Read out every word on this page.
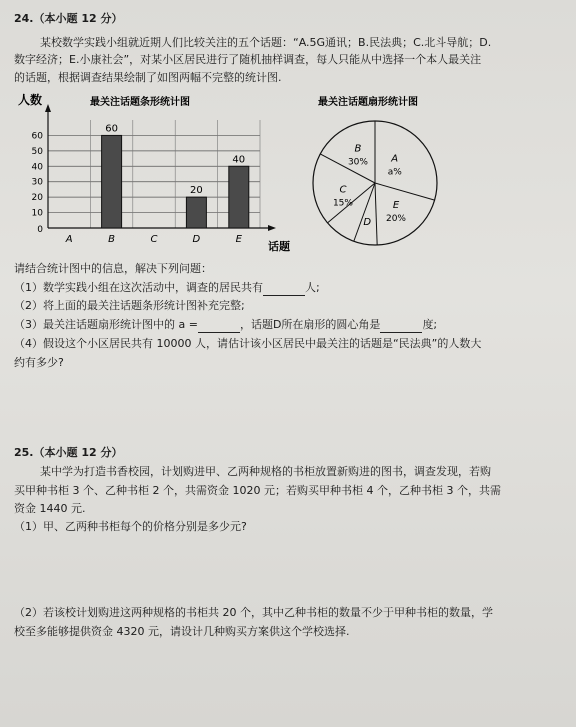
24.（本小题 12 分）
某校数学实践小组就近期人们比较关注的五个话题：“A.5G通讯；B.民法典；C.北斗导航；D.
数字经济；E.小康社会”，对某小区居民进行了随机抽样调查，每人只能从中选择一个本人最关注
的话题，根据调查结果绘制了如图两幅不完整的统计图.
10
20
30
40
50
60
0
A	B
60
C	D
20
E
40
人数	最关注话题条形统计图
话题
最关注话题扇形统计图
A
a%
B
30%
C
15%
D
E
20%
请结合统计图中的信息，解决下列问题：
（1）数学实践小组在这次活动中，调查的居民共有	人;
（2）将上面的最关注话题条形统计图补充完整;
（3）最关注话题扇形统计图中的 a =	，话题D所在扇形的圆心角是	度;
（4）假设这个小区居民共有 10000 人，请估计该小区居民中最关注的话题是“民法典”的人数大
约有多少?
25.（本小题 12 分）
某中学为打造书香校园，计划购进甲、乙两种规格的书柜放置新购进的图书，调查发现，若购
买甲种书柜 3 个、乙种书柜 2 个，共需资金 1020 元；若购买甲种书柜 4 个，乙种书柜 3 个，共需
资金 1440 元.
（1）甲、乙两种书柜每个的价格分别是多少元?
（2）若该校计划购进这两种规格的书柜共 20 个，其中乙种书柜的数量不少于甲种书柜的数量，学
校至多能够提供资金 4320 元，请设计几种购买方案供这个学校选择.
